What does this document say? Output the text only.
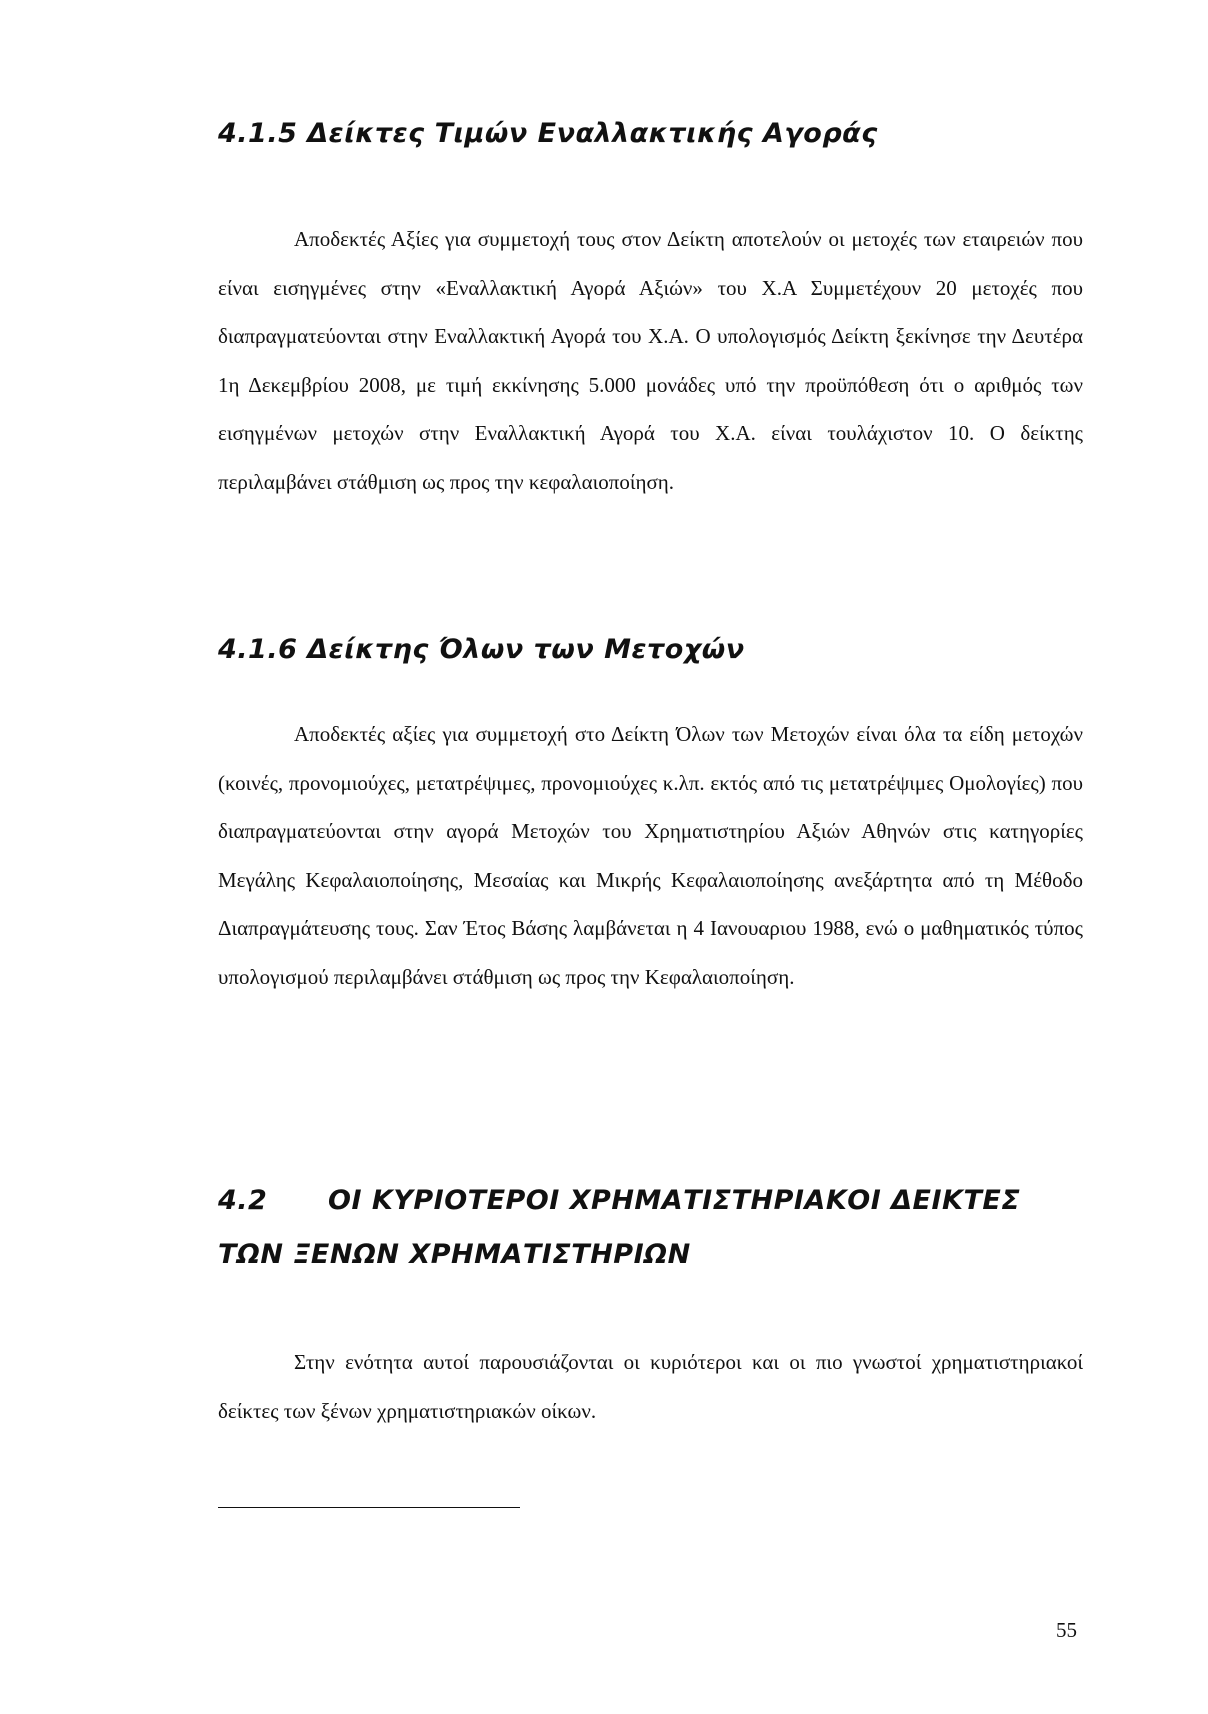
4.1.5 Δείκτες Τιμών Εναλλακτικής Αγοράς

Αποδεκτές Αξίες για συμμετοχή τους στον Δείκτη αποτελούν οι μετοχές των εταιρειών που είναι εισηγμένες στην «Εναλλακτική Αγορά Αξιών» του Χ.Α Συμμετέχουν 20 μετοχές που διαπραγματεύονται στην Εναλλακτική Αγορά του Χ.Α. Ο υπολογισμός Δείκτη ξεκίνησε την Δευτέρα 1η Δεκεμβρίου 2008, με τιμή εκκίνησης 5.000 μονάδες υπό την προϋπόθεση ότι ο αριθμός των εισηγμένων μετοχών στην Εναλλακτική Αγορά του Χ.Α. είναι τουλάχιστον 10. Ο δείκτης περιλαμβάνει στάθμιση ως προς την κεφαλαιοποίηση.

4.1.6 Δείκτης Όλων των Μετοχών

Αποδεκτές αξίες για συμμετοχή στο Δείκτη Όλων των Μετοχών είναι όλα τα είδη μετοχών (κοινές, προνομιούχες, μετατρέψιμες, προνομιούχες κ.λπ. εκτός από τις μετατρέψιμες Ομολογίες) που διαπραγματεύονται στην αγορά Μετοχών του Χρηματιστηρίου Αξιών Αθηνών στις κατηγορίες Μεγάλης Κεφαλαιοποίησης, Μεσαίας και Μικρής Κεφαλαιοποίησης ανεξάρτητα από τη Μέθοδο Διαπραγμάτευσης τους. Σαν Έτος Βάσης λαμβάνεται η 4 Ιανουαριου 1988, ενώ ο μαθηματικός τύπος υπολογισμού περιλαμβάνει στάθμιση ως προς την Κεφαλαιοποίηση.

4.2 ΟΙ ΚΥΡΙΟΤΕΡΟΙ ΧΡΗΜΑΤΙΣΤΗΡΙΑΚΟΙ ΔΕΙΚΤΕΣ
ΤΩΝ ΞΕΝΩΝ ΧΡΗΜΑΤΙΣΤΗΡΙΩΝ

Στην ενότητα αυτοί παρουσιάζονται οι κυριότεροι και οι πιο γνωστοί χρηματιστηριακοί δείκτες των ξένων χρηματιστηριακών οίκων.

55
